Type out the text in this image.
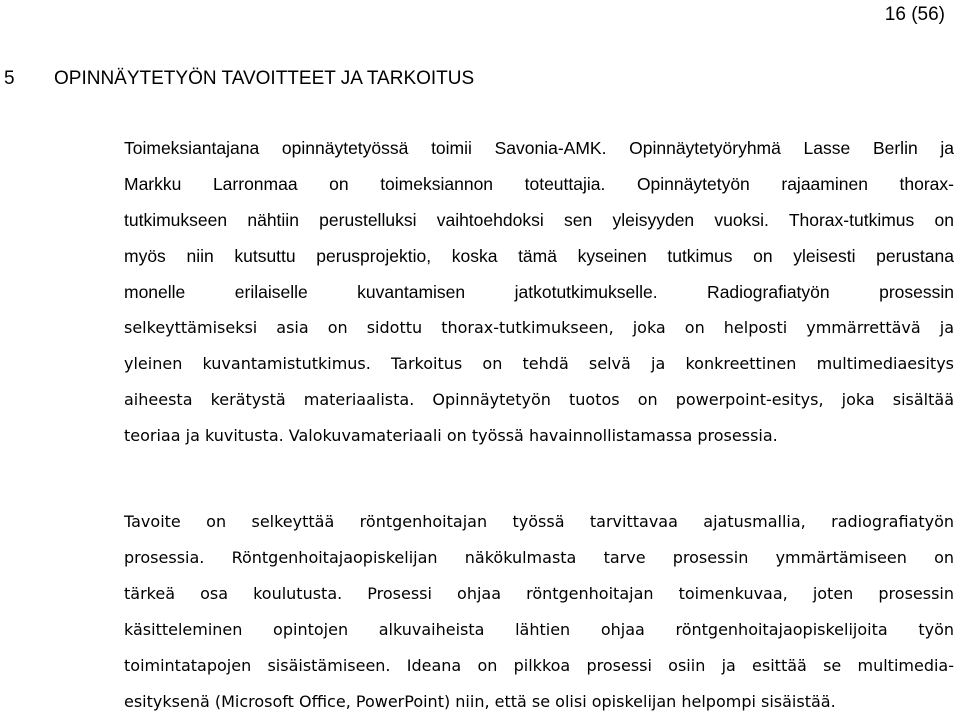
16 (56)
5 OPINNÄYTETYÖN TAVOITTEET JA TARKOITUS
Toimeksiantajana opinnäytetyössä toimii Savonia-AMK. Opinnäytetyöryhmä Lasse Berlin ja
Markku Larronmaa on toimeksiannon toteuttajia. Opinnäytetyön rajaaminen thorax-
tutkimukseen nähtiin perustelluksi vaihtoehdoksi sen yleisyyden vuoksi. Thorax-tutkimus on
myös niin kutsuttu perusprojektio, koska tämä kyseinen tutkimus on yleisesti perustana
monelle erilaiselle kuvantamisen jatkotutkimukselle. Radiografiatyön prosessin
selkeyttämiseksi asia on sidottu thorax-tutkimukseen, joka on helposti ymmärrettävä ja
yleinen kuvantamistutkimus. Tarkoitus on tehdä selvä ja konkreettinen multimediaesitys
aiheesta kerätystä materiaalista. Opinnäytetyön tuotos on powerpoint-esitys, joka sisältää
teoriaa ja kuvitusta. Valokuvamateriaali on työssä havainnollistamassa prosessia.
Tavoite on selkeyttää röntgenhoitajan työssä tarvittavaa ajatusmallia, radiografiatyön
prosessia. Röntgenhoitajaopiskelijan näkökulmasta tarve prosessin ymmärtämiseen on
tärkeä osa koulutusta. Prosessi ohjaa röntgenhoitajan toimenkuvaa, joten prosessin
käsitteleminen opintojen alkuvaiheista lähtien ohjaa röntgenhoitajaopiskelijoita työn
toimintatapojen sisäistämiseen. Ideana on pilkkoa prosessi osiin ja esittää se multimedia-
esityksenä (Microsoft Office, PowerPoint) niin, että se olisi opiskelijan helpompi sisäistää.
